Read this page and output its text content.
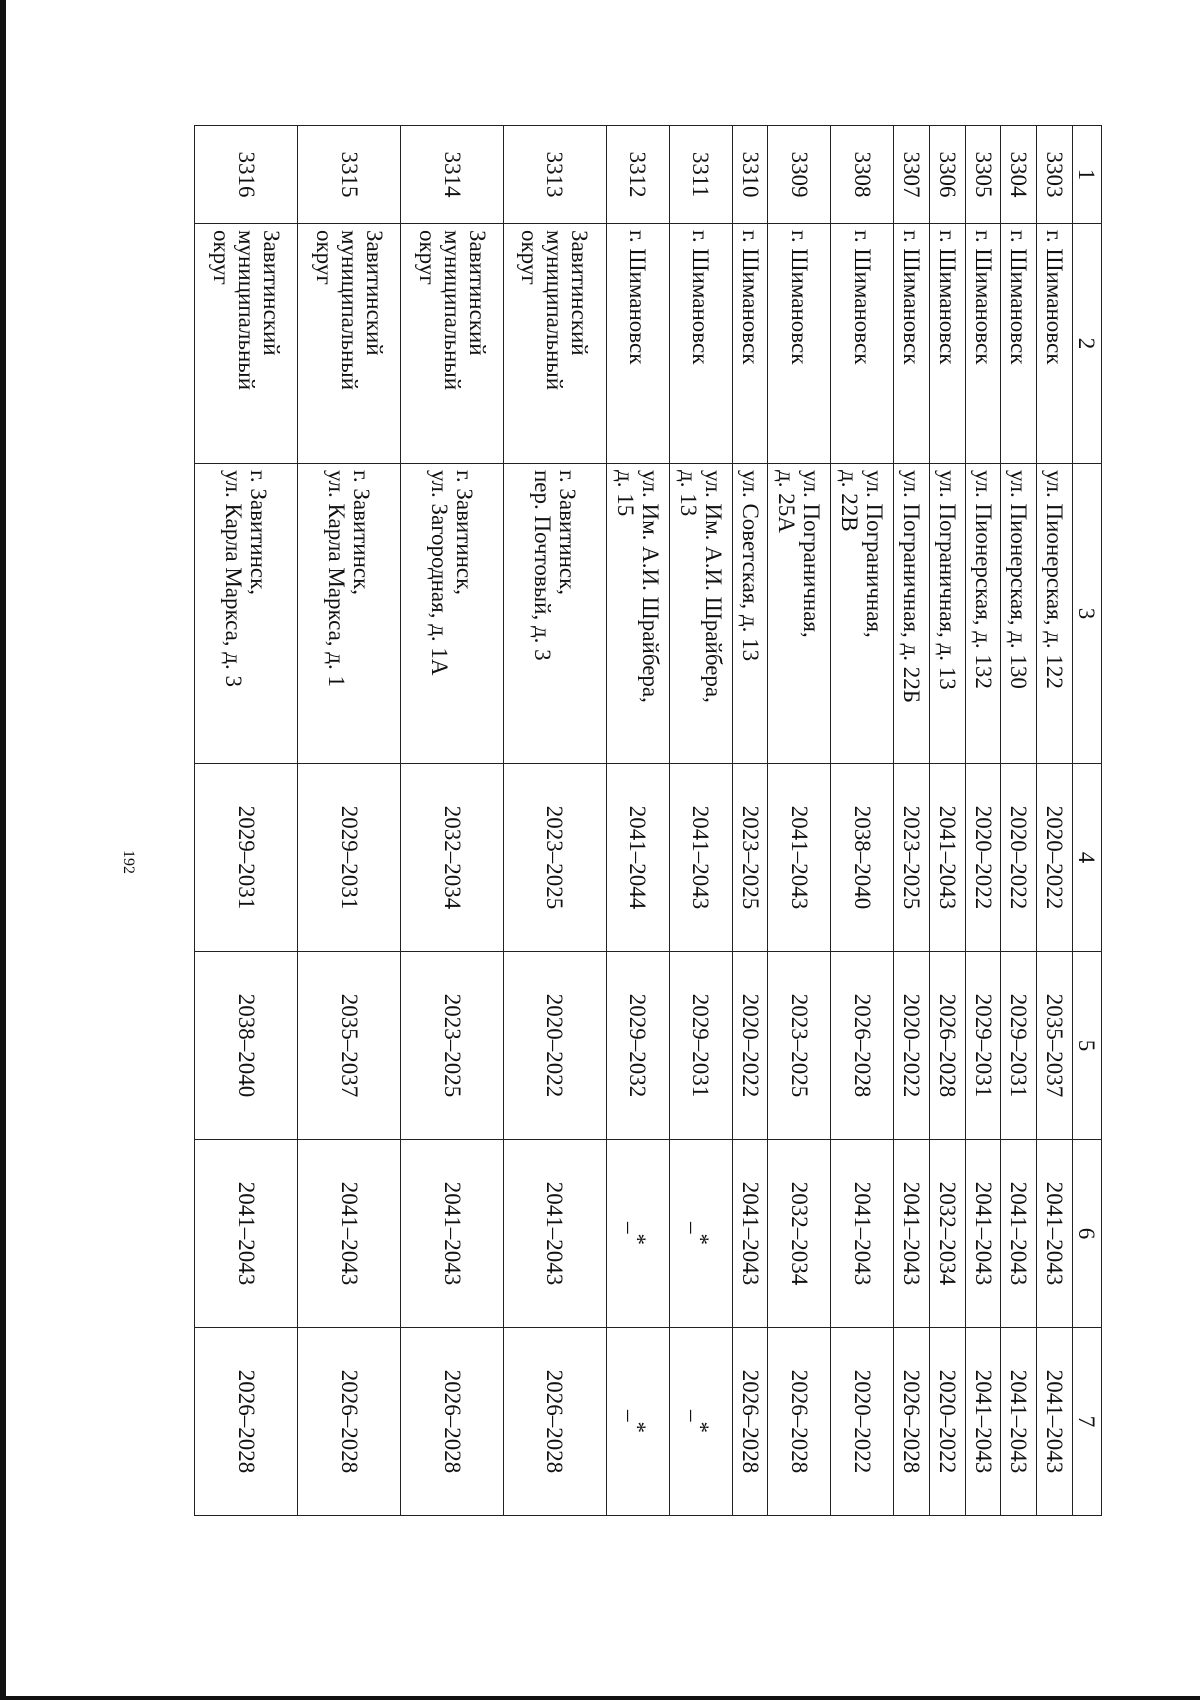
192
1	2	3	4	5	6	7
3303	г. Шимановск	ул. Пионерская, д. 122	2020–2022	2035–2037	2041–2043	2041–2043
3304	г. Шимановск	ул. Пионерская, д. 130	2020–2022	2029–2031	2041–2043	2041–2043
3305	г. Шимановск	ул. Пионерская, д. 132	2020–2022	2029–2031	2041–2043	2041–2043
3306	г. Шимановск	ул. Пограничная, д. 13	2041–2043	2026–2028	2032–2034	2020–2022
3307	г. Шимановск	ул. Пограничная, д. 22Б	2023–2025	2020–2022	2041–2043	2026–2028
3308	г. Шимановск	ул. Пограничная,
д. 22В	2038–2040	2026–2028	2041–2043	2020–2022
3309	г. Шимановск	ул. Пограничная,
д. 25А	2041–2043	2023–2025	2032–2034	2026–2028
3310	г. Шимановск	ул. Советская, д. 13	2023–2025	2020–2022	2041–2043	2026–2028
3311	г. Шимановск	ул. Им. А.И. Шрайбера,
д. 13	2041–2043	2029–2031	_*	_*
3312	г. Шимановск	ул. Им. А.И. Шрайбера,
д. 15	2041–2044	2029–2032	_*	_*
3313	Завитинский
муниципальный
округ	г. Завитинск,
пер. Почтовый, д. 3	2023–2025	2020–2022	2041–2043	2026–2028
3314	Завитинский
муниципальный
округ	г. Завитинск,
ул. Загородная, д. 1А	2032–2034	2023–2025	2041–2043	2026–2028
3315	Завитинский
муниципальный
округ	г. Завитинск,
ул. Карла Маркса, д. 1	2029–2031	2035–2037	2041–2043	2026–2028
3316	Завитинский
муниципальный
округ	г. Завитинск,
ул. Карла Маркса, д. 3	2029–2031	2038–2040	2041–2043	2026–2028
